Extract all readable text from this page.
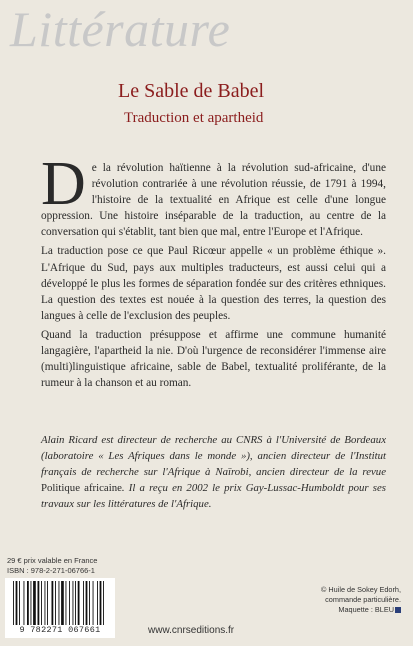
Littérature
Le Sable de Babel
Traduction et apartheid

De la révolution haïtienne à la révolution sud-africaine, d'une révolution contrariée à une révolution réussie, de 1791 à 1994, l'histoire de la textualité en Afrique est celle d'une longue oppression. Une histoire inséparable de la traduction, au centre de la conversation qui s'établit, tant bien que mal, entre l'Europe et l'Afrique.

La traduction pose ce que Paul Ricœur appelle « un problème éthique ». L'Afrique du Sud, pays aux multiples traducteurs, est aussi celui qui a développé le plus les formes de séparation fondée sur des critères ethniques. La question des textes est nouée à la question des terres, la question des langues à celle de l'exclusion des peuples.

Quand la traduction présuppose et affirme une commune humanité langagière, l'apartheid la nie. D'où l'urgence de reconsidérer l'immense aire (multi)linguistique africaine, sable de Babel, textualité proliférante, de la rumeur à la chanson et au roman.

Alain Ricard est directeur de recherche au CNRS à l'Université de Bordeaux (laboratoire « Les Afriques dans le monde »), ancien directeur de l'Institut français de recherche sur l'Afrique à Naïrobi, ancien directeur de la revue Politique africaine. Il a reçu en 2002 le prix Gay-Lussac-Humboldt pour ses travaux sur les littératures de l'Afrique.
29 € prix valable en France
ISBN : 978-2-271-06766-1
9 782271 067661	www.cnrseditions.fr
© Huile de Sokey Edorh,
commande particulière.
Maquette : BLEU
